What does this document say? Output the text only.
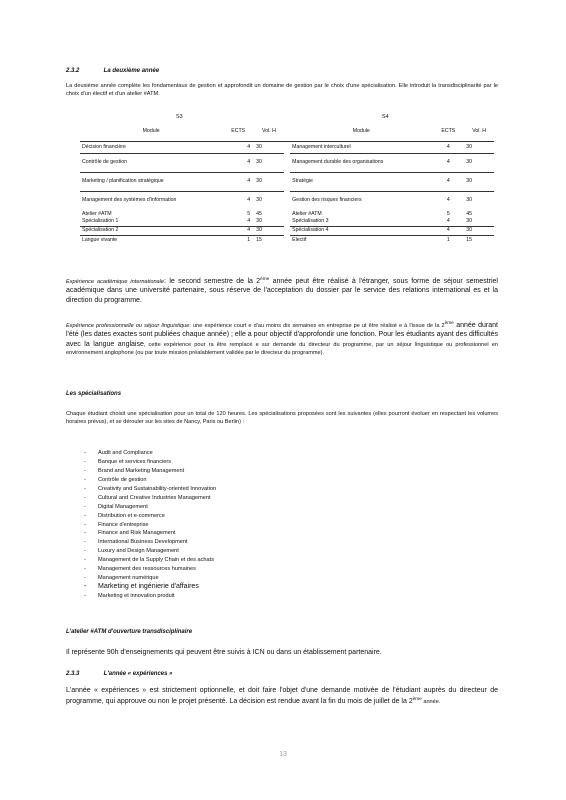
2.3.2	La deuxième année

La deuxième année complète les fondamentaux de gestion et approfondit un domaine de gestion par le choix d'une spécialisation. Elle introduit la transdisciplinarité par le choix d'un électif et d'un atelier #ATM.

S3	S4
Module	ECTS	Vol. H		Module	ECTS	Vol. H
Décision financière	4	30		Management interculturel	4	30
Contrôle de gestion	4	30		Management durable des organisations	4	30
Marketing / planification stratégique	4	30		Stratégie	4	30
Management des systèmes d'information	4	30		Gestion des risques financiers	4	30
Atelier #ATM	5	45		Atelier #ATM	5	45
Spécialisation 1	4	30		Spécialisation 3	4	30
Spécialisation 2	4	30		Spécialisation 4	4	30
Langue vivante	1	15		Electif	1	15

Expérience académique internationale: le second semestre de la 2ème année peut être réalisé à l'étranger, sous forme de séjour semestriel académique dans une université partenaire, sous réserve de l'acceptation du dossier par le service des relations international es et la direction du programme.

Expérience professionnelle ou séjour linguistique: une expérience court e d'au moins dix semaines en entreprise pe ut être réalisé e à l'issue de la 2ème année durant l'été (les dates exactes sont publiées chaque année) ; elle a pour objectif d'approfondir une fonction. Pour les étudiants ayant des difficultés avec la langue anglaise, cette expérience pour ra être remplacé e sur demande du directeur du programme, par un séjour linguistique ou professionnel en environnement anglophone (ou par toute mission préalablement validée par le directeur du programme).

Les spécialisations

Chaque étudiant choisit une spécialisation pour un total de 120 heures. Les spécialisations proposées sont les suivantes (elles pourront évoluer en respectant les volumes horaires prévus), et se dérouler sur les sites de Nancy, Paris ou Berlin) :

- Audit and Compliance
- Banque et services financiers
- Brand and Marketing Management
- Contrôle de gestion
- Creativity and Sustainability-oriented Innovation
- Cultural and Creative Industries Management
- Digital Management
- Distribution et e-commerce
- Finance d'entreprise
- Finance and Risk Management
- International Business Development
- Luxury and Design Management
- Management de la Supply Chain et des achats
- Management des ressources humaines
- Management numérique
- Marketing et ingénierie d'affaires
- Marketing et innovation produit
L'atelier #ATM d'ouverture transdisciplinaire

Il représente 90h d'enseignements qui peuvent être suivis à ICN ou dans un établissement partenaire.

2.3.3	L'année « expériences »

L'année « expériences » est strictement optionnelle, et doit faire l'objet d'une demande motivée de l'étudiant auprès du directeur de programme, qui approuve ou non le projet présenté. La décision est rendue avant la fin du mois de juillet de la 2ème année.

13
